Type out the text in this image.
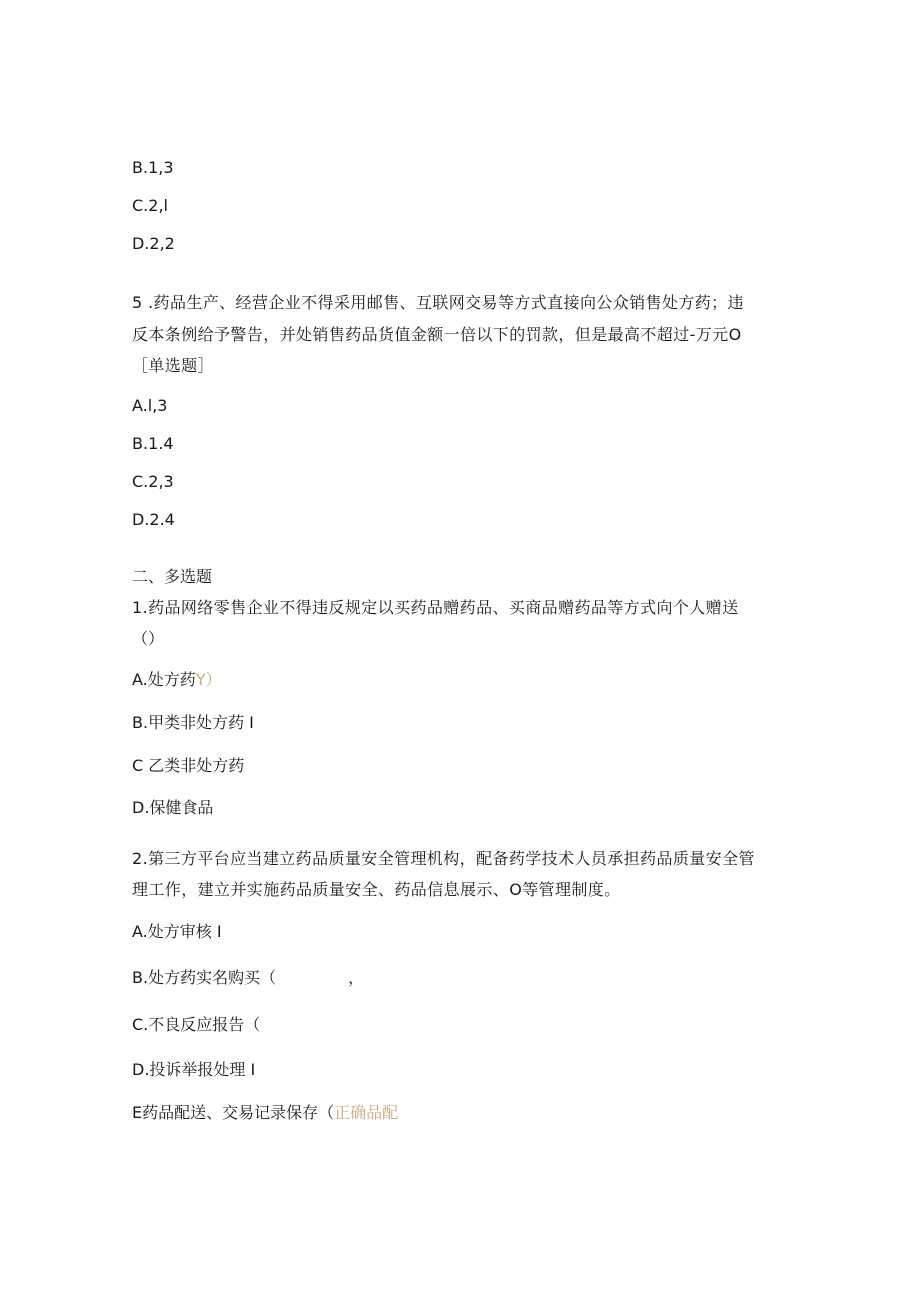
B.1,3
C.2,l
D.2,2
5 .药品生产、经营企业不得采用邮售、互联网交易等方式直接向公众销售处方药；违
反本条例给予警告，并处销售药品货值金额一倍以下的罚款，但是最高不超过-万元O
［单选题］
A.l,3
B.1.4
C.2,3
D.2.4
二、多选题
1.药品网络零售企业不得违反规定以买药品赠药品、买商品赠药品等方式向个人赠送
（）
A.处方药Y）
B.甲类非处方药 I
C 乙类非处方药
D.保健食品
2.第三方平台应当建立药品质量安全管理机构，配备药学技术人员承担药品质量安全管
理工作，建立并实施药品质量安全、药品信息展示、O等管理制度。
A.处方审核 I
B.处方药实名购买（	，
C.不良反应报告（
D.投诉举报处理 I
E药品配送、交易记录保存（正确品配
